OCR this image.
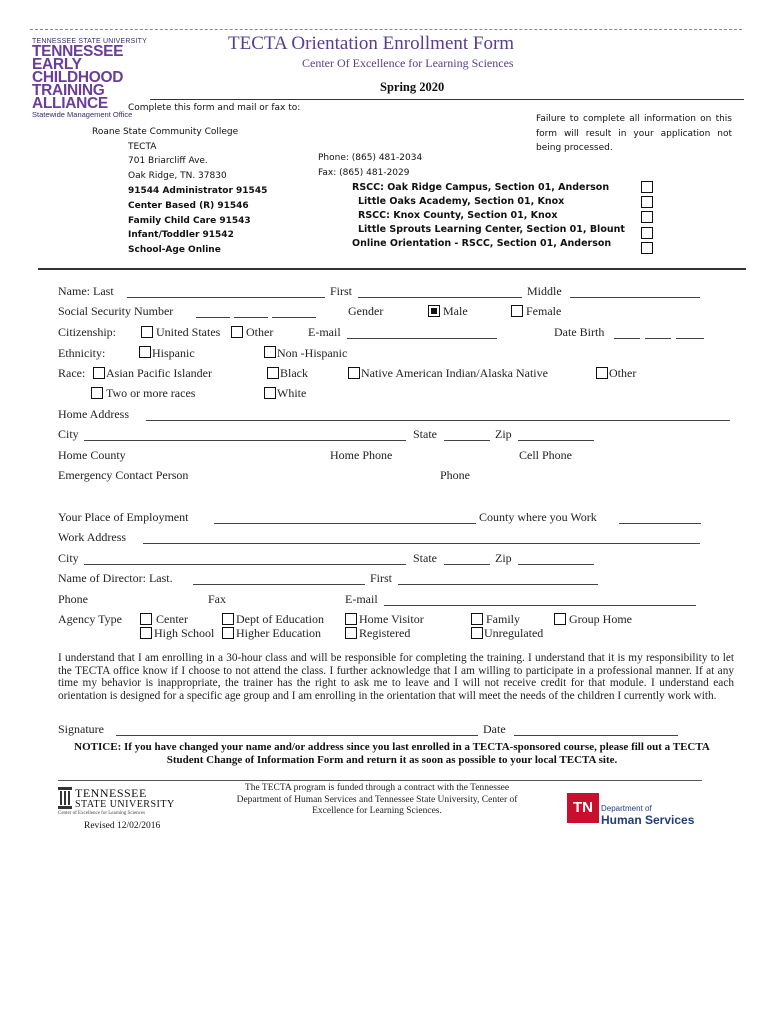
TENNESSEE STATE UNIVERSITY
TENNESSEE
EARLY CHILDHOOD
TRAINING ALLIANCE
Statewide Management Office
TECTA Orientation Enrollment Form
Center Of Excellence for Learning Sciences
Spring 2020
Complete this form and mail or fax to:
Roane State Community College
TECTA
701 Briarcliff Ave.
Oak Ridge, TN. 37830
Phone: (865) 481-2034
Fax: (865) 481-2029
Failure to complete all information on this form will result in your application not being processed.
91544 Administrator 91545
Center Based (R) 91546
Family Child Care 91543
Infant/Toddler 91542
School-Age Online
RSCC: Oak Ridge Campus, Section 01, Anderson
Little Oaks Academy, Section 01, Knox
RSCC: Knox County, Section 01, Knox
Little Sprouts Learning Center, Section 01, Blount
Online Orientation - RSCC, Section 01, Anderson
Name: Last	First	Middle
Social Security Number	Gender	Male	Female
Citizenship:	United States Other	E-mail	Date Birth
Ethnicity:	Hispanic	Non -Hispanic
Race: Asian Pacific Islander	Black	Native American Indian/Alaska Native	Other
Two or more races	White
Home Address
City	State	Zip
Home County	Home Phone	Cell Phone
Emergency Contact Person	Phone
Your Place of Employment	County where you Work
Work Address
City	State	Zip
Name of Director: Last.	First
Phone	Fax	E-mail
Agency Type	Center	Dept of Education	Home Visitor	Family	Group Home
High School Higher Education	Registered	Unregulated
I understand that I am enrolling in a 30-hour class and will be responsible for completing the training. I understand that it is my responsibility to let the TECTA office know if I choose to not attend the class. I further acknowledge that I am willing to participate in a professional manner. If at any time my behavior is inappropriate, the trainer has the right to ask me to leave and I will not receive credit for that module. I understand each orientation is designed for a specific age group and I am enrolling in the orientation that will meet the needs of the children I currently work with.
Signature	Date
NOTICE: If you have changed your name and/or address since you last enrolled in a TECTA-sponsored course, please fill out a TECTA Student Change of Information Form and return it as soon as possible to your local TECTA site.
TENNESSEE
STATE UNIVERSITY
Center of Excellence for Learning Sciences
Revised 12/02/2016
The TECTA program is funded through a contract with the Tennessee Department of Human Services and Tennessee State University, Center of Excellence for Learning Sciences.	TN	Department of
Human Services
